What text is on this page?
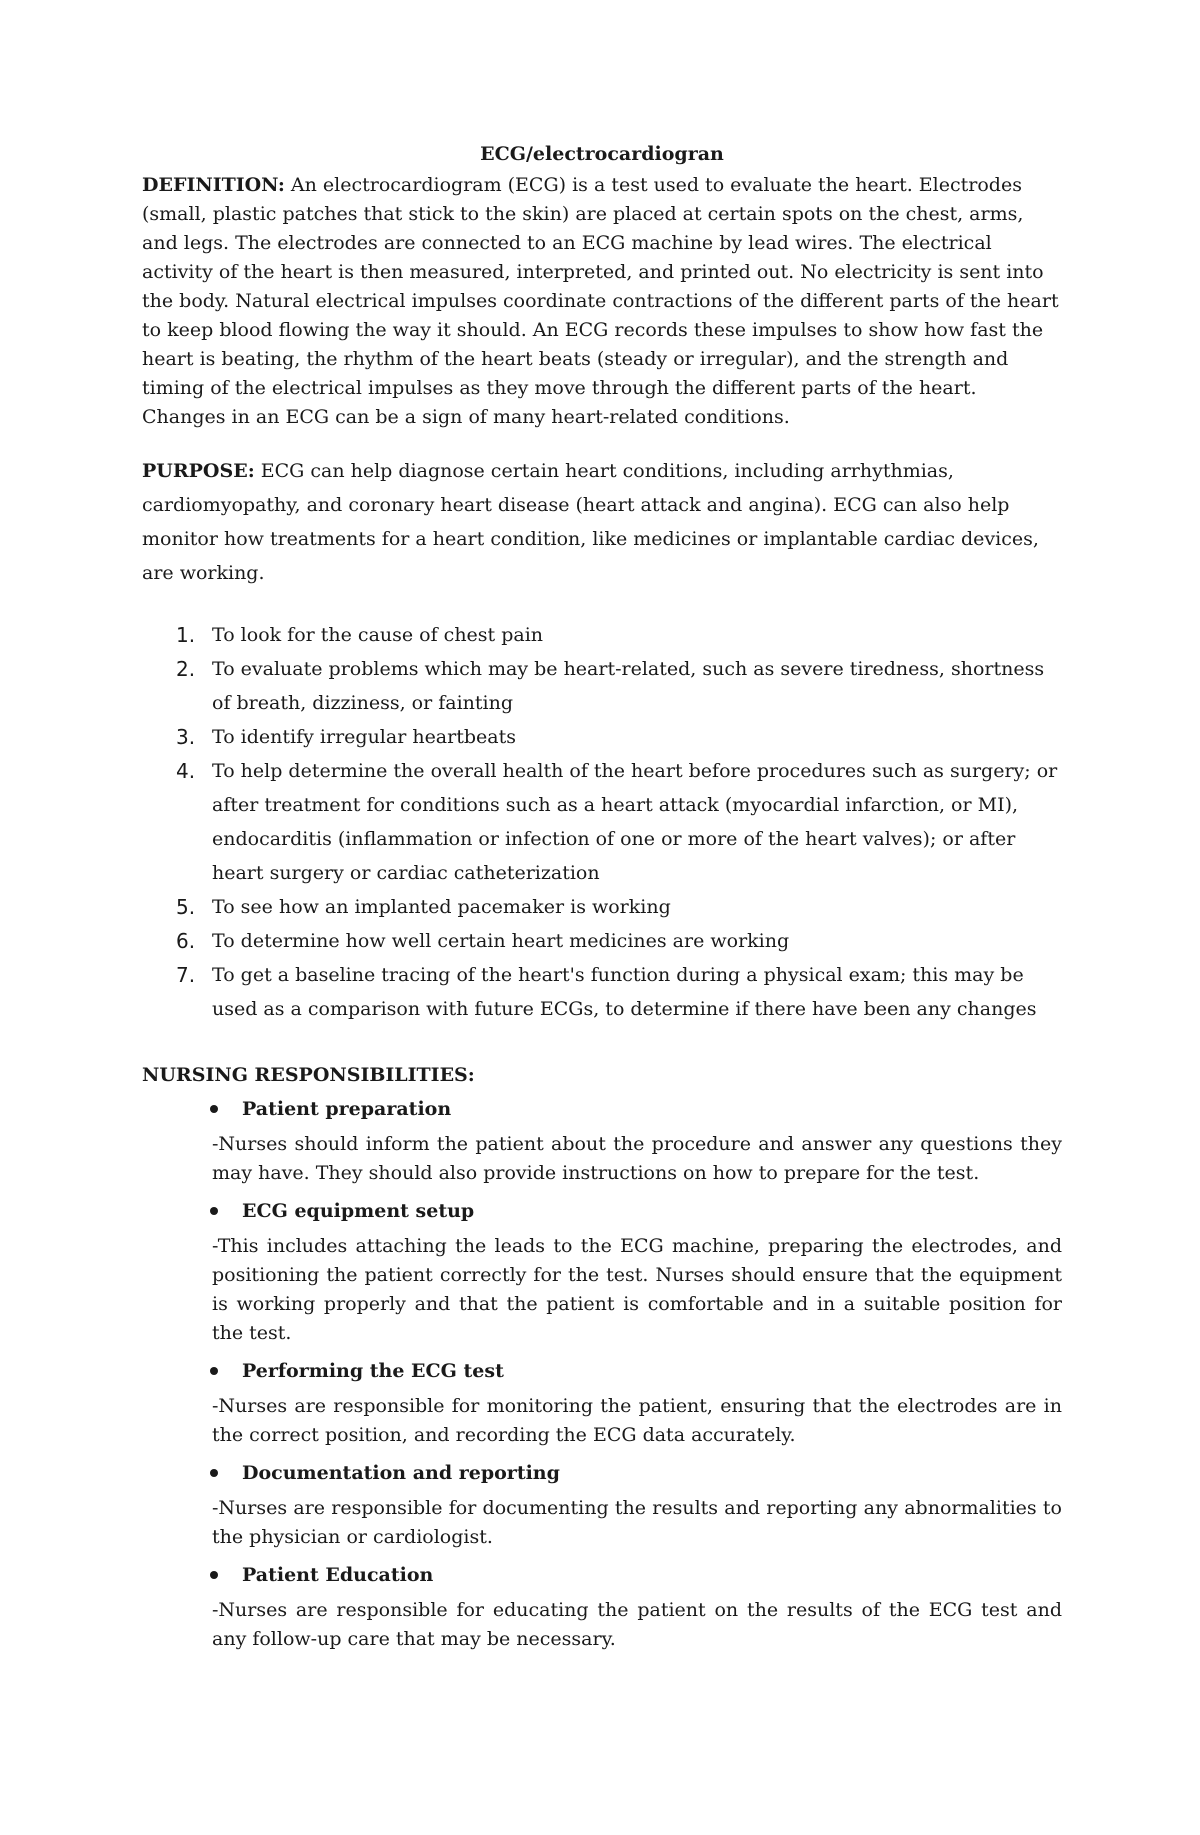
ECG/electrocardiogran

DEFINITION: An electrocardiogram (ECG) is a test used to evaluate the heart. Electrodes (small, plastic patches that stick to the skin) are placed at certain spots on the chest, arms, and legs. The electrodes are connected to an ECG machine by lead wires. The electrical activity of the heart is then measured, interpreted, and printed out. No electricity is sent into the body. Natural electrical impulses coordinate contractions of the different parts of the heart to keep blood flowing the way it should. An ECG records these impulses to show how fast the heart is beating, the rhythm of the heart beats (steady or irregular), and the strength and timing of the electrical impulses as they move through the different parts of the heart. Changes in an ECG can be a sign of many heart-related conditions.

PURPOSE: ECG can help diagnose certain heart conditions, including arrhythmias, cardiomyopathy, and coronary heart disease (heart attack and angina). ECG can also help monitor how treatments for a heart condition, like medicines or implantable cardiac devices, are working.

1. To look for the cause of chest pain
2. To evaluate problems which may be heart-related, such as severe tiredness, shortness of breath, dizziness, or fainting
3. To identify irregular heartbeats
4. To help determine the overall health of the heart before procedures such as surgery; or after treatment for conditions such as a heart attack (myocardial infarction, or MI), endocarditis (inflammation or infection of one or more of the heart valves); or after heart surgery or cardiac catheterization
5. To see how an implanted pacemaker is working
6. To determine how well certain heart medicines are working
7. To get a baseline tracing of the heart's function during a physical exam; this may be used as a comparison with future ECGs, to determine if there have been any changes

NURSING RESPONSIBILITIES:

Patient preparation

-Nurses should inform the patient about the procedure and answer any questions they may have. They should also provide instructions on how to prepare for the test.

ECG equipment setup

-This includes attaching the leads to the ECG machine, preparing the electrodes, and positioning the patient correctly for the test. Nurses should ensure that the equipment is working properly and that the patient is comfortable and in a suitable position for the test.

Performing the ECG test

-Nurses are responsible for monitoring the patient, ensuring that the electrodes are in the correct position, and recording the ECG data accurately.

Documentation and reporting

-Nurses are responsible for documenting the results and reporting any abnormalities to the physician or cardiologist.

Patient Education

-Nurses are responsible for educating the patient on the results of the ECG test and any follow-up care that may be necessary.
